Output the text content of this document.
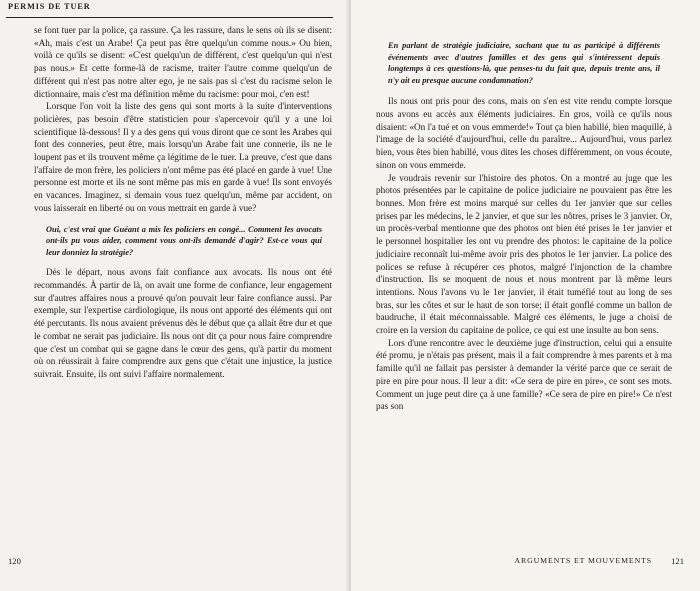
PERMIS DE TUER

se font tuer par la police, ça rassure. Ça les rassure, dans le sens où ils se disent: «Ah, mais c'est un Arabe! Ça peut pas être quelqu'un comme nous.» Ou bien, voilà ce qu'ils se disent: «C'est quelqu'un de différent, c'est quelqu'un qui n'est pas nous.» Et cette forme-là de racisme, traiter l'autre comme quelqu'un de différent qui n'est pas notre alter ego, je ne sais pas si c'est du racisme selon le dictionnaire, mais c'est ma définition même du racisme: pour moi, c'en est!

Lorsque l'on voit la liste des gens qui sont morts à la suite d'interventions policières, pas besoin d'être statisticien pour s'apercevoir qu'il y a une loi scientifique là-dessous! Il y a des gens qui vous diront que ce sont les Arabes qui font des conneries, peut être, mais lorsqu'un Arabe fait une connerie, ils ne le loupent pas et ils trouvent même ça légitime de le tuer. La preuve, c'est que dans l'affaire de mon frère, les policiers n'ont même pas été placé en garde à vue! Une personne est morte et ils ne sont même pas mis en garde à vue! Ils sont envoyés en vacances. Imaginez, si demain vous tuez quelqu'un, même par accident, on vous laisserait en liberté ou on vous mettrait en garde à vue?

Oui, c'est vrai que Guéant a mis les policiers en congé... Comment les avocats ont-ils pu vous aider, comment vous ont-ils demandé d'agir? Est-ce vous qui leur donniez la stratégie?

Dès le départ, nous avons fait confiance aux avocats. Ils nous ont été recommandés. À partir de là, on avait une forme de confiance, leur engagement sur d'autres affaires nous a prouvé qu'on pouvait leur faire confiance aussi. Par exemple, sur l'expertise cardiologique, ils nous ont apporté des éléments qui ont été percutants. Ils nous avaient prévenus dès le début que ça allait être dur et que le combat ne serait pas judiciaire. Ils nous ont dit ça pour nous faire comprendre que c'est un combat qui se gagne dans le cœur des gens, qu'à partir du moment où on réussirait à faire comprendre aux gens que c'était une injustice, la justice suivrait. Ensuite, ils ont suivi l'affaire normalement.

120

En parlant de stratégie judiciaire, sachant que tu as participé à différents événements avec d'autres familles et des gens qui s'intéressent depuis longtemps à ces questions-là, que penses-tu du fait que, depuis trente ans, il n'y ait eu presque aucune condamnation?

Ils nous ont pris pour des cons, mais on s'en est vite rendu compte lorsque nous avons eu accès aux éléments judiciaires. En gros, voilà ce qu'ils nous disaient: «On l'a tué et on vous emmerde!» Tout ça bien habillé, bien maquillé, à l'image de la société d'aujourd'hui, celle du paraître... Aujourd'hui, vous parlez bien, vous êtes bien habillé, vous dites les choses différemment, on vous écoute, sinon on vous emmerde.

Je voudrais revenir sur l'histoire des photos. On a montré au juge que les photos présentées par le capitaine de police judiciaire ne pouvaient pas être les bonnes. Mon frère est moins marqué sur celles du 1er janvier que sur celles prises par les médecins, le 2 janvier, et que sur les nôtres, prises le 3 janvier. Or, un procès-verbal mentionne que des photos ont bien été prises le 1er janvier et le personnel hospitalier les ont vu prendre des photos: le capitaine de la police judiciaire reconnaît lui-même avoir pris des photos le 1er janvier. La police des polices se refuse à récupérer ces photos, malgré l'injonction de la chambre d'instruction. Ils se moquent de nous et nous montrent par là même leurs intentions. Nous l'avons vu le 1er janvier, il était tuméfié tout au long de ses bras, sur les côtes et sur le haut de son torse; il était gonflé comme un ballon de baudruche, il était méconnaissable. Malgré ces éléments, le juge a choisi de croire en la version du capitaine de police, ce qui est une insulte au bon sens.

Lors d'une rencontre avec le deuxième juge d'instruction, celui qui a ensuite été promu, je n'étais pas présent, mais il a fait comprendre à mes parents et à ma famille qu'il ne fallait pas persister à demander la vérité parce que ce serait de pire en pire pour nous. Il leur a dit: «Ce sera de pire en pire», ce sont ses mots. Comment un juge peut dire ça à une famille? «Ce sera de pire en pire!» Ce n'est pas son

ARGUMENTS ET MOUVEMENTS 121
